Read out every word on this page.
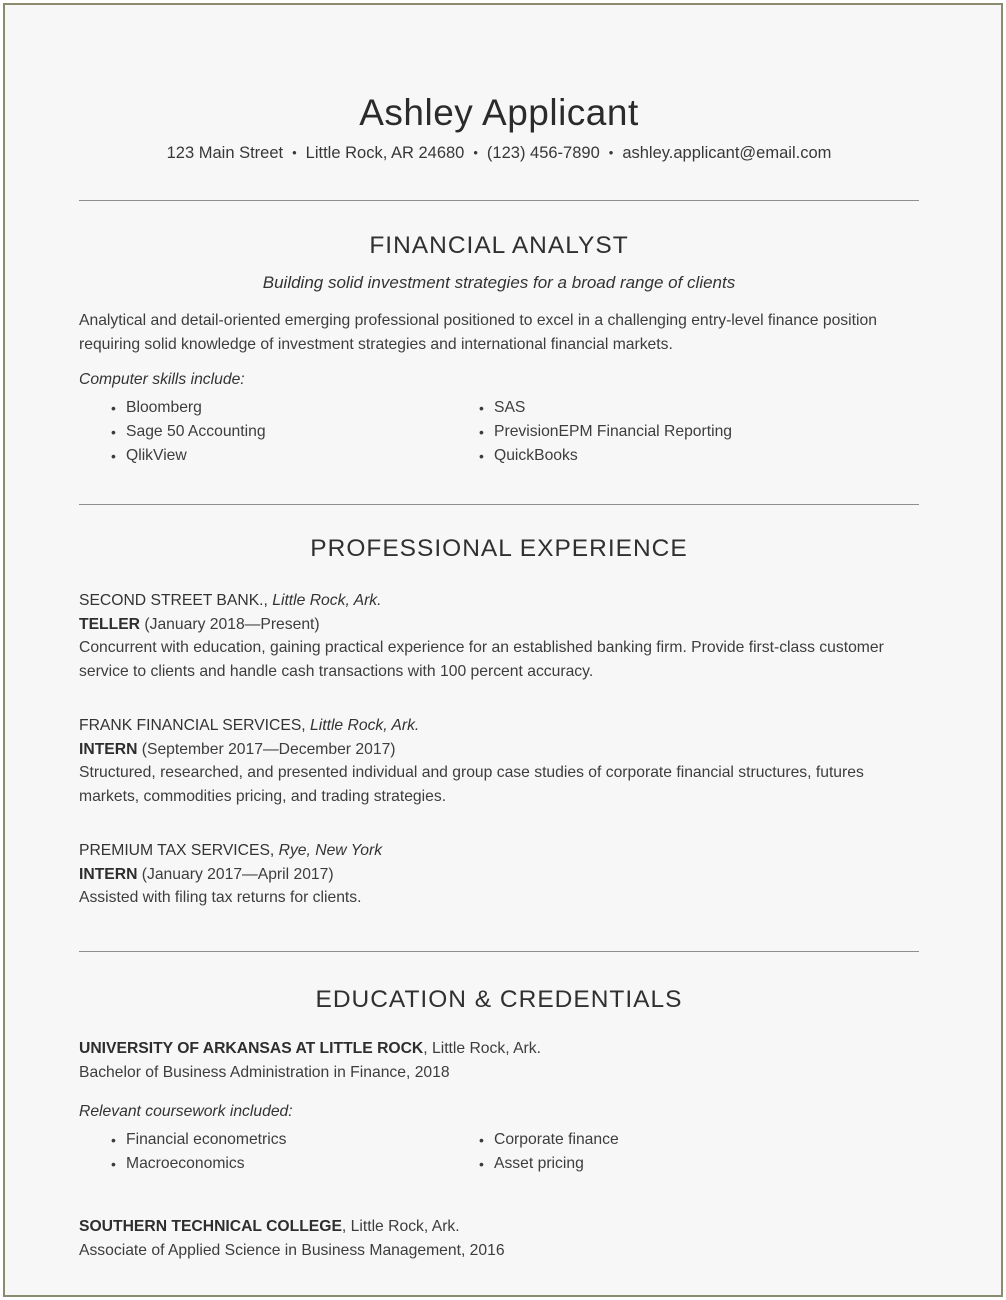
Ashley Applicant
123 Main Street • Little Rock, AR 24680 • (123) 456-7890 • ashley.applicant@email.com
FINANCIAL ANALYST
Building solid investment strategies for a broad range of clients
Analytical and detail-oriented emerging professional positioned to excel in a challenging entry-level finance position requiring solid knowledge of investment strategies and international financial markets.
Computer skills include:
• Bloomberg
• Sage 50 Accounting
• QlikView
• SAS
• PrevisionEPM Financial Reporting
• QuickBooks
PROFESSIONAL EXPERIENCE
SECOND STREET BANK., Little Rock, Ark.
TELLER (January 2018—Present)
Concurrent with education, gaining practical experience for an established banking firm. Provide first-class customer service to clients and handle cash transactions with 100 percent accuracy.
FRANK FINANCIAL SERVICES, Little Rock, Ark.
INTERN (September 2017—December 2017)
Structured, researched, and presented individual and group case studies of corporate financial structures, futures markets, commodities pricing, and trading strategies.
PREMIUM TAX SERVICES, Rye, New York
INTERN (January 2017—April 2017)
Assisted with filing tax returns for clients.
EDUCATION & CREDENTIALS
UNIVERSITY OF ARKANSAS AT LITTLE ROCK, Little Rock, Ark.
Bachelor of Business Administration in Finance, 2018
Relevant coursework included:
• Financial econometrics
• Macroeconomics
• Corporate finance
• Asset pricing
SOUTHERN TECHNICAL COLLEGE, Little Rock, Ark.
Associate of Applied Science in Business Management, 2016
